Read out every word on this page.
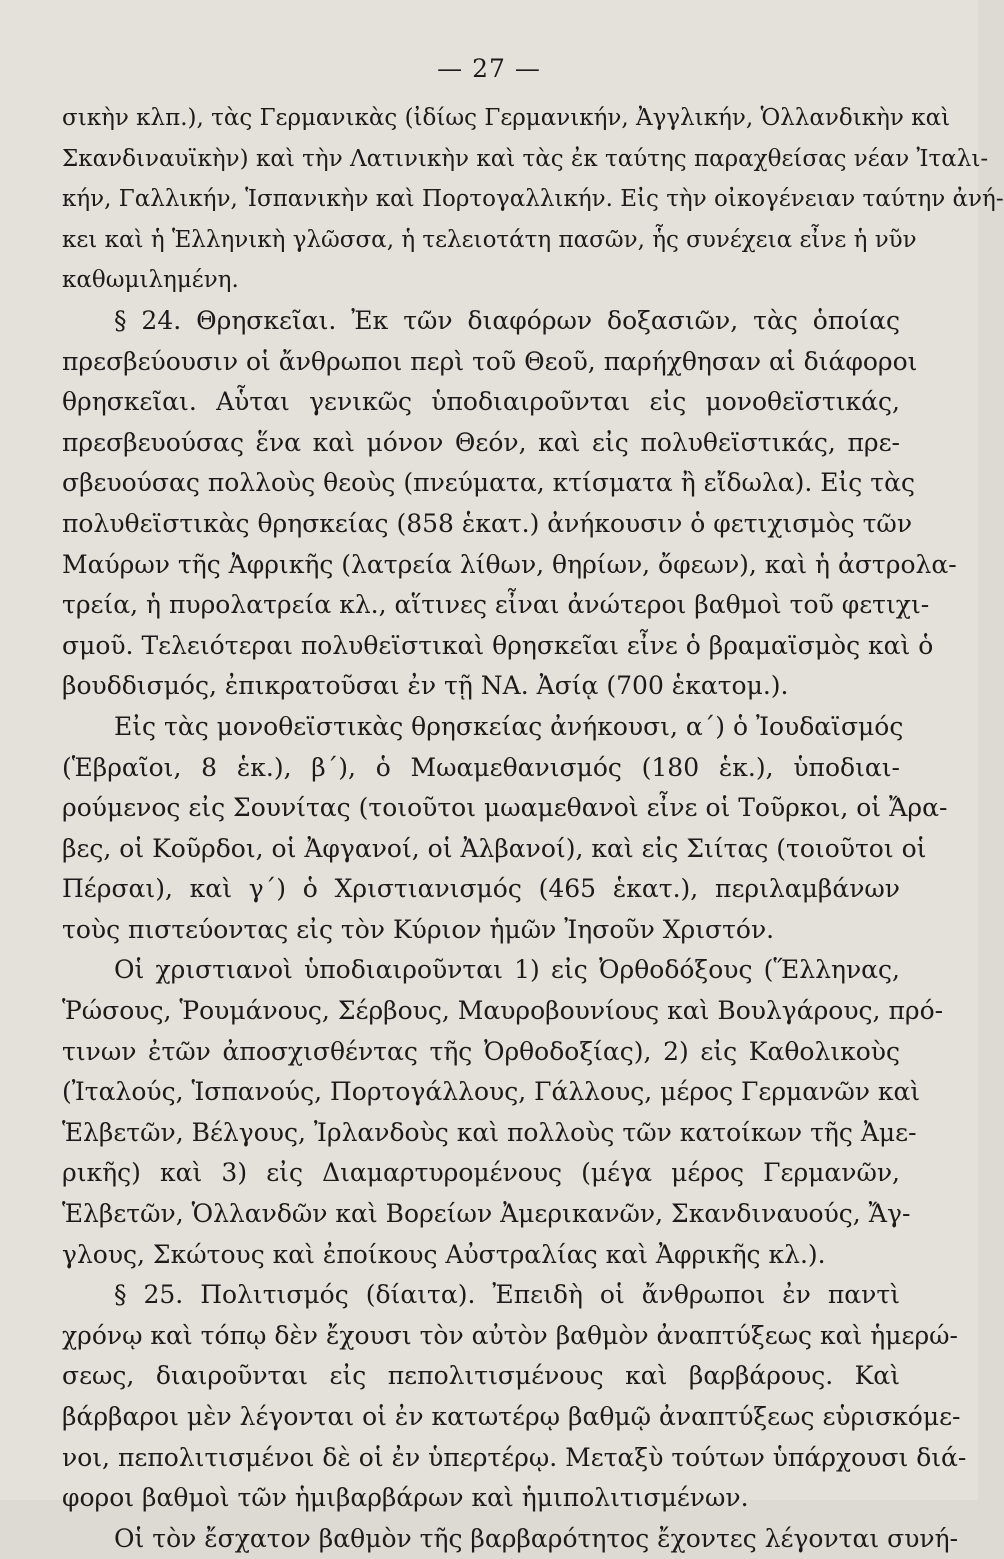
— 27 —
σικὴν κλπ.), τὰς Γερμανικὰς (ἰδίως Γερμανικήν, Ἀγγλικήν, Ὁλλανδικὴν καὶ
Σκανδιναυϊκὴν) καὶ τὴν Λατινικὴν καὶ τὰς ἐκ ταύτης παραχθείσας νέαν Ἰταλι-
κήν, Γαλλικήν, Ἱσπανικὴν καὶ Πορτογαλλικήν. Εἰς τὴν οἰκογένειαν ταύτην ἀνή-
κει καὶ ἡ Ἑλληνικὴ γλῶσσα, ἡ τελειοτάτη πασῶν, ἧς συνέχεια εἶνε ἡ νῦν
καθωμιλημένη.
§ 24. Θρησκεῖαι. Ἐκ τῶν διαφόρων δοξασιῶν, τὰς ὁποίας
πρεσβεύουσιν οἱ ἄνθρωποι περὶ τοῦ Θεοῦ, παρήχθησαν αἱ διάφοροι
θρησκεῖαι. Αὗται γενικῶς ὑποδιαιροῦνται εἰς μονοθεϊστικάς,
πρεσβευούσας ἕνα καὶ μόνον Θεόν, καὶ εἰς πολυθεϊστικάς, πρε-
σβευούσας πολλοὺς θεοὺς (πνεύματα, κτίσματα ἢ εἴδωλα). Εἰς τὰς
πολυθεϊστικὰς θρησκείας (858 ἑκατ.) ἀνήκουσιν ὁ φετιχισμὸς τῶν
Μαύρων τῆς Ἀφρικῆς (λατρεία λίθων, θηρίων, ὄφεων), καὶ ἡ ἀστρολα-
τρεία, ἡ πυρολατρεία κλ., αἵτινες εἶναι ἀνώτεροι βαθμοὶ τοῦ φετιχι-
σμοῦ. Τελειότεραι πολυθεϊστικαὶ θρησκεῖαι εἶνε ὁ βραμαϊσμὸς καὶ ὁ
βουδδισμός, ἐπικρατοῦσαι ἐν τῇ ΝΑ. Ἀσίᾳ (700 ἑκατομ.).
Εἰς τὰς μονοθεϊστικὰς θρησκείας ἀνήκουσι, α΄) ὁ Ἰουδαϊσμός
(Ἑβραῖοι, 8 ἑκ.), β΄), ὁ Μωαμεθανισμός (180 ἑκ.), ὑποδιαι-
ρούμενος εἰς Σουνίτας (τοιοῦτοι μωαμεθανοὶ εἶνε οἱ Τοῦρκοι, οἱ Ἄρα-
βες, οἱ Κοῦρδοι, οἱ Ἀφγανοί, οἱ Ἀλβανοί), καὶ εἰς Σιίτας (τοιοῦτοι οἱ
Πέρσαι), καὶ γ΄) ὁ Χριστιανισμός (465 ἑκατ.), περιλαμβάνων
τοὺς πιστεύοντας εἰς τὸν Κύριον ἡμῶν Ἰησοῦν Χριστόν.
Οἱ χριστιανοὶ ὑποδιαιροῦνται 1) εἰς Ὀρθοδόξους (Ἕλληνας,
Ῥώσους, Ῥουμάνους, Σέρβους, Μαυροβουνίους καὶ Βουλγάρους, πρό-
τινων ἐτῶν ἀποσχισθέντας τῆς Ὀρθοδοξίας), 2) εἰς Καθολικοὺς
(Ἰταλούς, Ἱσπανούς, Πορτογάλλους, Γάλλους, μέρος Γερμανῶν καὶ
Ἑλβετῶν, Βέλγους, Ἰρλανδοὺς καὶ πολλοὺς τῶν κατοίκων τῆς Ἀμε-
ρικῆς) καὶ 3) εἰς Διαμαρτυρομένους (μέγα μέρος Γερμανῶν,
Ἑλβετῶν, Ὁλλανδῶν καὶ Βορείων Ἀμερικανῶν, Σκανδιναυούς, Ἄγ-
γλους, Σκώτους καὶ ἐποίκους Αὐστραλίας καὶ Ἀφρικῆς κλ.).
§ 25. Πολιτισμός (δίαιτα). Ἐπειδὴ οἱ ἄνθρωποι ἐν παντὶ
χρόνῳ καὶ τόπῳ δὲν ἔχουσι τὸν αὐτὸν βαθμὸν ἀναπτύξεως καὶ ἡμερώ-
σεως, διαιροῦνται εἰς πεπολιτισμένους καὶ βαρβάρους. Καὶ
βάρβαροι μὲν λέγονται οἱ ἐν κατωτέρῳ βαθμῷ ἀναπτύξεως εὑρισκόμε-
νοι, πεπολιτισμένοι δὲ οἱ ἐν ὑπερτέρῳ. Μεταξὺ τούτων ὑπάρχουσι διά-
φοροι βαθμοὶ τῶν ἡμιβαρβάρων καὶ ἡμιπολιτισμένων.
Οἱ τὸν ἔσχατον βαθμὸν τῆς βαρβαρότητος ἔχοντες λέγονται συνή-
